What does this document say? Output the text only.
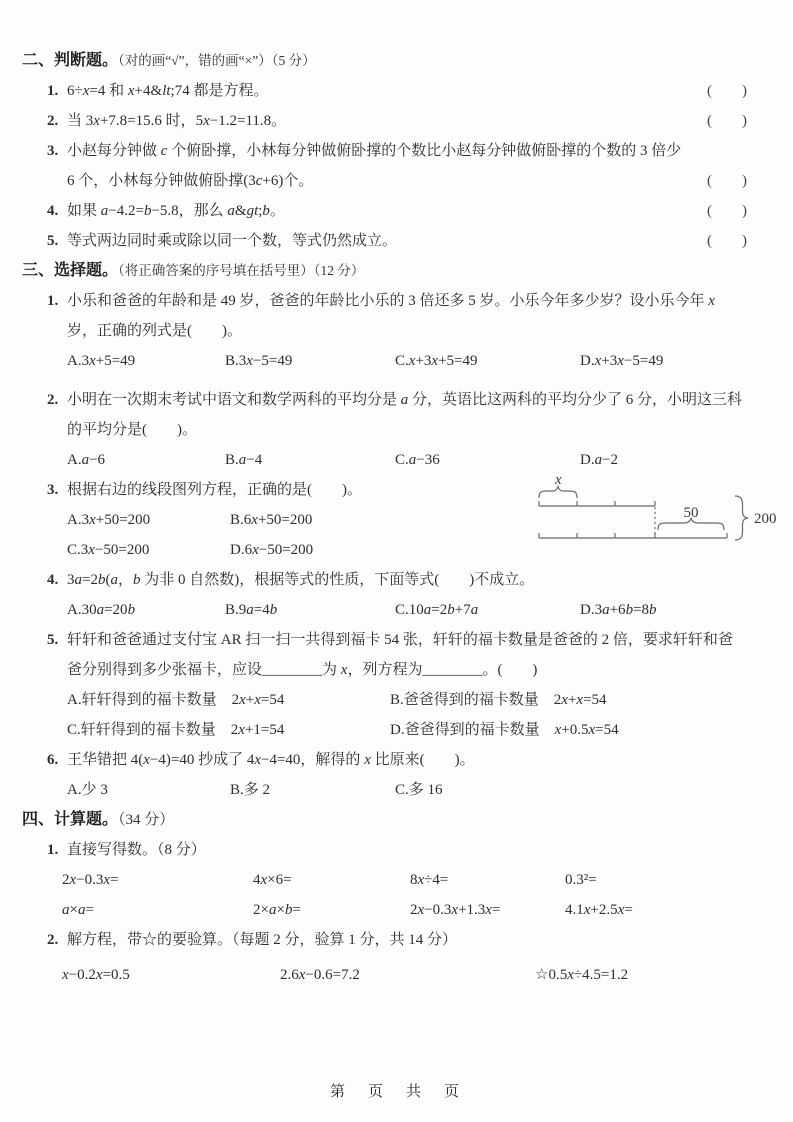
二、判断题。（对的画“√”，错的画“×”）（5 分）
1. 6÷x=4 和 x+4&lt;74 都是方程。	(　　)
2. 当 3x+7.8=15.6 时，5x−1.2=11.8。	(　　)
3. 小赵每分钟做 c 个俯卧撑，小林每分钟做俯卧撑的个数比小赵每分钟做俯卧撑的个数的 3 倍少
6 个，小林每分钟做俯卧撑(3c+6)个。	(　　)
4. 如果 a−4.2=b−5.8，那么 a&gt;b。	(　　)
5. 等式两边同时乘或除以同一个数，等式仍然成立。	(　　)
三、选择题。（将正确答案的序号填在括号里）（12 分）
1. 小乐和爸爸的年龄和是 49 岁，爸爸的年龄比小乐的 3 倍还多 5 岁。小乐今年多少岁？设小乐今年 x 岁，正确的列式是(　　)。
A.3x+5=49	B.3x−5=49	C.x+3x+5=49	D.x+3x−5=49
2. 小明在一次期末考试中语文和数学两科的平均分是 a 分，英语比这两科的平均分少了 6 分，小明这三科的平均分是(　　)。
A.a−6	B.a−4	C.a−36	D.a−2
3. 根据右边的线段图列方程，正确的是(　　)。
A.3x+50=200	B.6x+50=200
C.3x−50=200	D.6x−50=200
x
50	200
4. 3a=2b(a，b 为非 0 自然数)，根据等式的性质，下面等式(　　)不成立。
A.30a=20b	B.9a=4b	C.10a=2b+7a	D.3a+6b=8b
5. 轩轩和爸爸通过支付宝 AR 扫一扫一共得到福卡 54 张，轩轩的福卡数量是爸爸的 2 倍，要求轩轩和爸爸分别得到多少张福卡，应设________为 x，列方程为________。(　　)
A.轩轩得到的福卡数量　2x+x=54	B.爸爸得到的福卡数量　2x+x=54
C.轩轩得到的福卡数量　2x+1=54	D.爸爸得到的福卡数量　x+0.5x=54
6. 王华错把 4(x−4)=40 抄成了 4x−4=40，解得的 x 比原来(　　)。
A.少 3	B.多 2	C.多 16
四、计算题。（34 分）
1. 直接写得数。（8 分）
2x−0.3x=	4x×6=	8x÷4=	0.3²=
a×a=	2×a×b=	2x−0.3x+1.3x=	4.1x+2.5x=
2. 解方程，带☆的要验算。（每题 2 分，验算 1 分，共 14 分）
x−0.2x=0.5	2.6x−0.6=7.2	☆0.5x÷4.5=1.2
第　页　共　页
